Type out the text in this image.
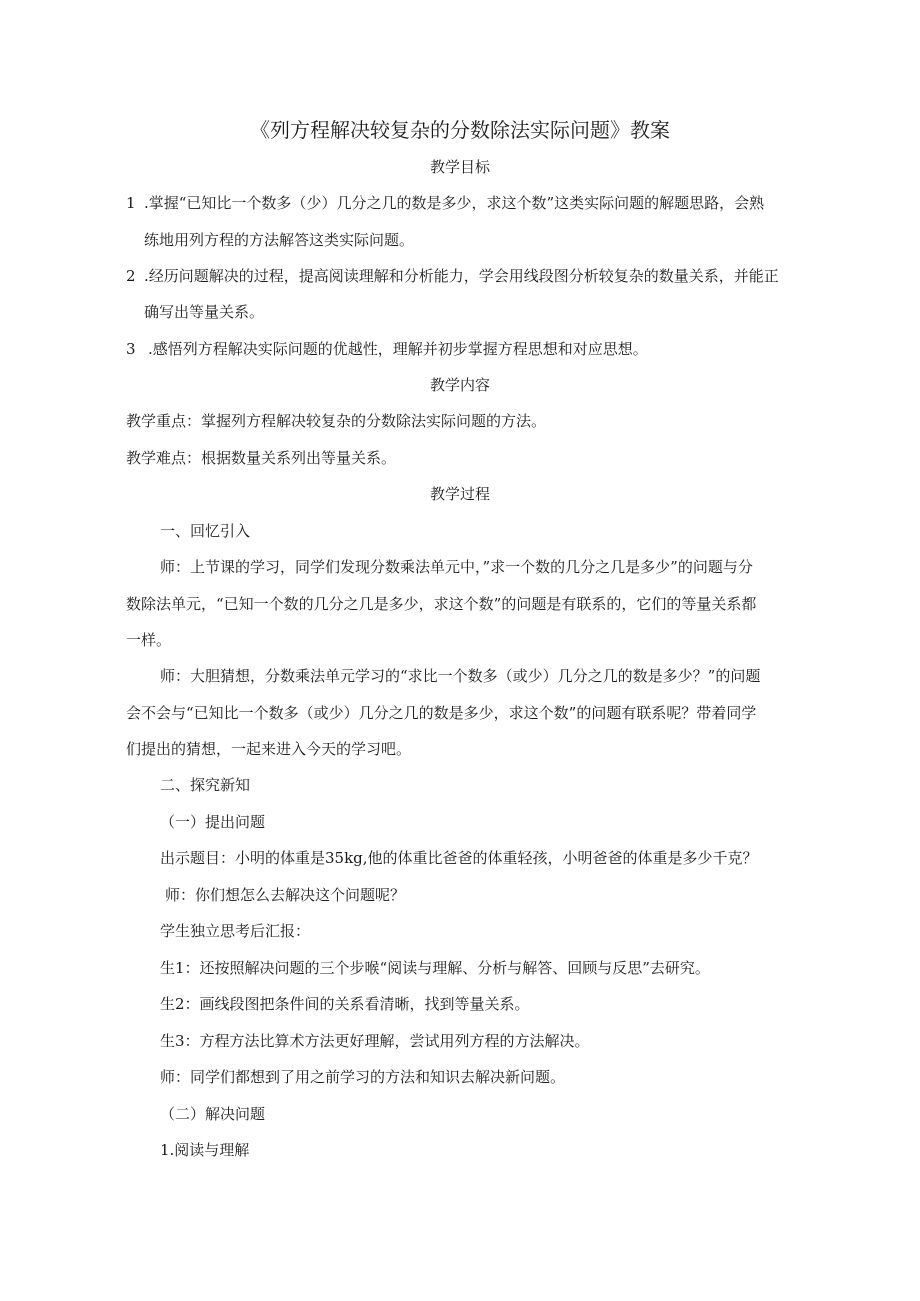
《列方程解决较复杂的分数除法实际问题》教案
教学目标
1 .掌握“已知比一个数多（少）几分之几的数是多少，求这个数”这类实际问题的解题思路，会熟
练地用列方程的方法解答这类实际问题。
2 .经历问题解决的过程，提高阅读理解和分析能力，学会用线段图分析较复杂的数量关系，并能正
确写出等量关系。
3 .感悟列方程解决实际问题的优越性，理解并初步掌握方程思想和对应思想。
教学内容
教学重点：掌握列方程解决较复杂的分数除法实际问题的方法。
教学难点：根据数量关系列出等量关系。
教学过程
一、回忆引入
师：上节课的学习，同学们发现分数乘法单元中，”求一个数的几分之几是多少”的问题与分
数除法单元，“已知一个数的几分之几是多少，求这个数”的问题是有联系的，它们的等量关系都
一样。
师：大胆猜想，分数乘法单元学习的“求比一个数多（或少）几分之几的数是多少？”的问题
会不会与“已知比一个数多（或少）几分之几的数是多少，求这个数”的问题有联系呢？带着同学
们提出的猜想，一起来进入今天的学习吧。
二、探究新知
（一）提出问题
出示题目：小明的体重是35kg,他的体重比爸爸的体重轻孩，小明爸爸的体重是多少千克？
师：你们想怎么去解决这个问题呢？
学生独立思考后汇报：
生1：还按照解决问题的三个步喉“阅读与理解、分析与解答、回顾与反思”去研究。
生2：画线段图把条件间的关系看清晰，找到等量关系。
生3：方程方法比算术方法更好理解，尝试用列方程的方法解决。
师：同学们都想到了用之前学习的方法和知识去解决新问题。
（二）解决问题
1.阅读与理解
